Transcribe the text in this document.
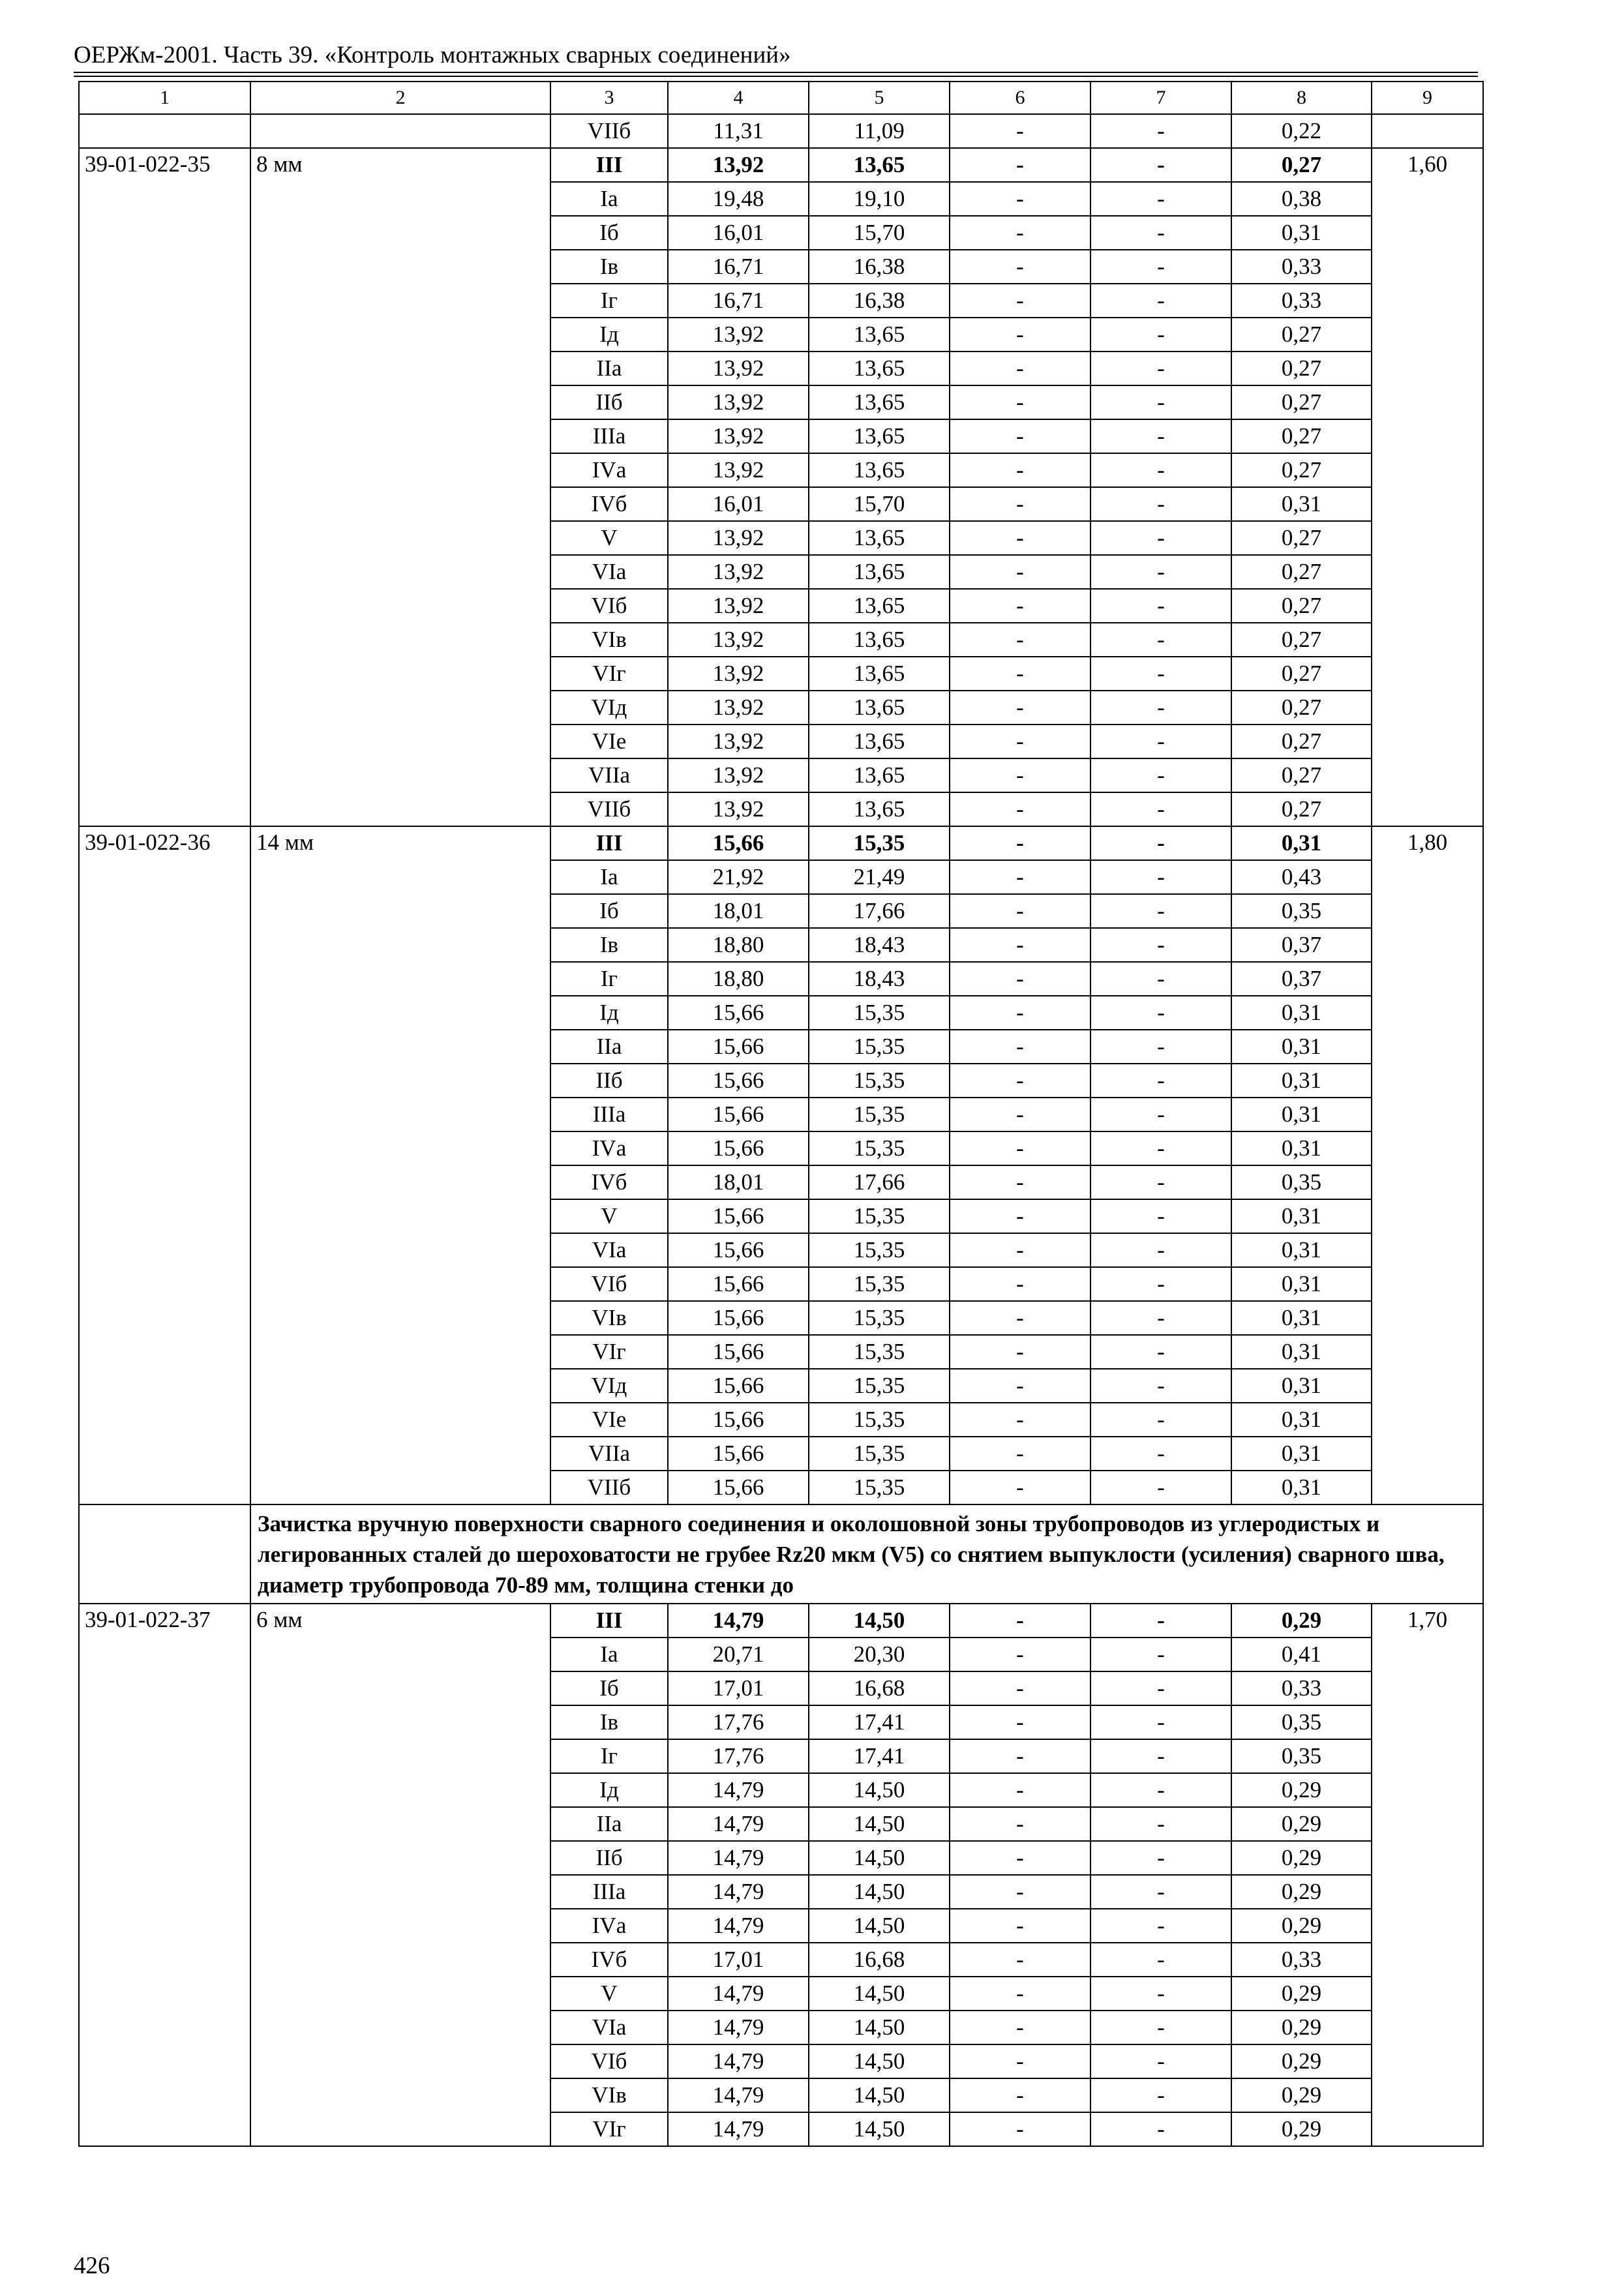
ОЕРЖм-2001. Часть 39. «Контроль монтажных сварных соединений»
1	2	3	4	5	6	7	8	9
		VIIб	11,31	11,09	-	-	0,22	
39-01-022-35	8 мм	III	13,92	13,65	-	-	0,27	1,60
		Iа	19,48	19,10	-	-	0,38	
		Iб	16,01	15,70	-	-	0,31	
		Iв	16,71	16,38	-	-	0,33	
		Iг	16,71	16,38	-	-	0,33	
		Iд	13,92	13,65	-	-	0,27	
		IIа	13,92	13,65	-	-	0,27	
		IIб	13,92	13,65	-	-	0,27	
		IIIа	13,92	13,65	-	-	0,27	
		IVа	13,92	13,65	-	-	0,27	
		IVб	16,01	15,70	-	-	0,31	
		V	13,92	13,65	-	-	0,27	
		VIа	13,92	13,65	-	-	0,27	
		VIб	13,92	13,65	-	-	0,27	
		VIв	13,92	13,65	-	-	0,27	
		VIг	13,92	13,65	-	-	0,27	
		VIд	13,92	13,65	-	-	0,27	
		VIе	13,92	13,65	-	-	0,27	
		VIIа	13,92	13,65	-	-	0,27	
		VIIб	13,92	13,65	-	-	0,27	
39-01-022-36	14 мм	III	15,66	15,35	-	-	0,31	1,80
		Iа	21,92	21,49	-	-	0,43	
		Iб	18,01	17,66	-	-	0,35	
		Iв	18,80	18,43	-	-	0,37	
		Iг	18,80	18,43	-	-	0,37	
		Iд	15,66	15,35	-	-	0,31	
		IIа	15,66	15,35	-	-	0,31	
		IIб	15,66	15,35	-	-	0,31	
		IIIа	15,66	15,35	-	-	0,31	
		IVа	15,66	15,35	-	-	0,31	
		IVб	18,01	17,66	-	-	0,35	
		V	15,66	15,35	-	-	0,31	
		VIа	15,66	15,35	-	-	0,31	
		VIб	15,66	15,35	-	-	0,31	
		VIв	15,66	15,35	-	-	0,31	
		VIг	15,66	15,35	-	-	0,31	
		VIд	15,66	15,35	-	-	0,31	
		VIе	15,66	15,35	-	-	0,31	
		VIIа	15,66	15,35	-	-	0,31	
		VIIб	15,66	15,35	-	-	0,31	
	Зачистка вручную поверхности сварного соединения и околошовной зоны трубопроводов из углеродистых и легированных сталей до шероховатости не грубее Rz20 мкм (V5) со снятием выпуклости (усиления) сварного шва, диаметр трубопровода 70-89 мм, толщина стенки до							
39-01-022-37	6 мм	III	14,79	14,50	-	-	0,29	1,70
		Iа	20,71	20,30	-	-	0,41	
		Iб	17,01	16,68	-	-	0,33	
		Iв	17,76	17,41	-	-	0,35	
		Iг	17,76	17,41	-	-	0,35	
		Iд	14,79	14,50	-	-	0,29	
		IIа	14,79	14,50	-	-	0,29	
		IIб	14,79	14,50	-	-	0,29	
		IIIа	14,79	14,50	-	-	0,29	
		IVа	14,79	14,50	-	-	0,29	
		IVб	17,01	16,68	-	-	0,33	
		V	14,79	14,50	-	-	0,29	
		VIа	14,79	14,50	-	-	0,29	
		VIб	14,79	14,50	-	-	0,29	
		VIв	14,79	14,50	-	-	0,29	
		VIг	14,79	14,50	-	-	0,29	
426
